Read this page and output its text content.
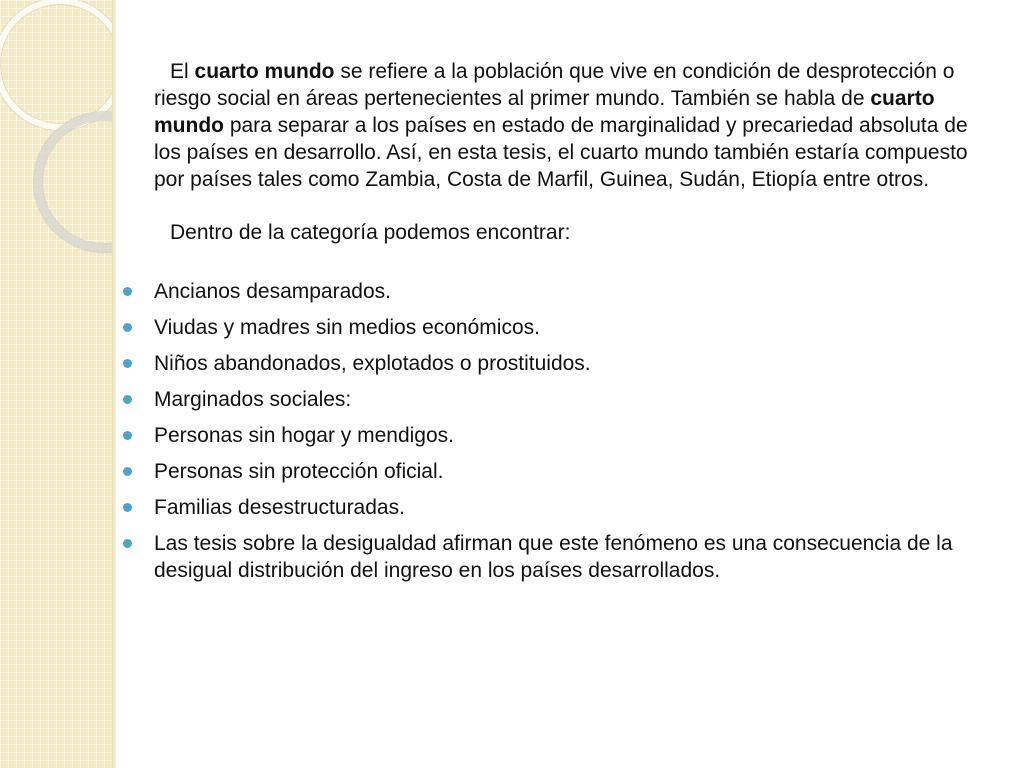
El cuarto mundo se refiere a la población que vive en condición de desprotección o riesgo social en áreas pertenecientes al primer mundo. También se habla de cuarto mundo para separar a los países en estado de marginalidad y precariedad absoluta de los países en desarrollo. Así, en esta tesis, el cuarto mundo también estaría compuesto por países tales como Zambia, Costa de Marfil, Guinea, Sudán, Etiopía entre otros.

Dentro de la categoría podemos encontrar:

Ancianos desamparados.
Viudas y madres sin medios económicos.
Niños abandonados, explotados o prostituidos.
Marginados sociales:
Personas sin hogar y mendigos.
Personas sin protección oficial.
Familias desestructuradas.
Las tesis sobre la desigualdad afirman que este fenómeno es una consecuencia de la desigual distribución del ingreso en los países desarrollados.
